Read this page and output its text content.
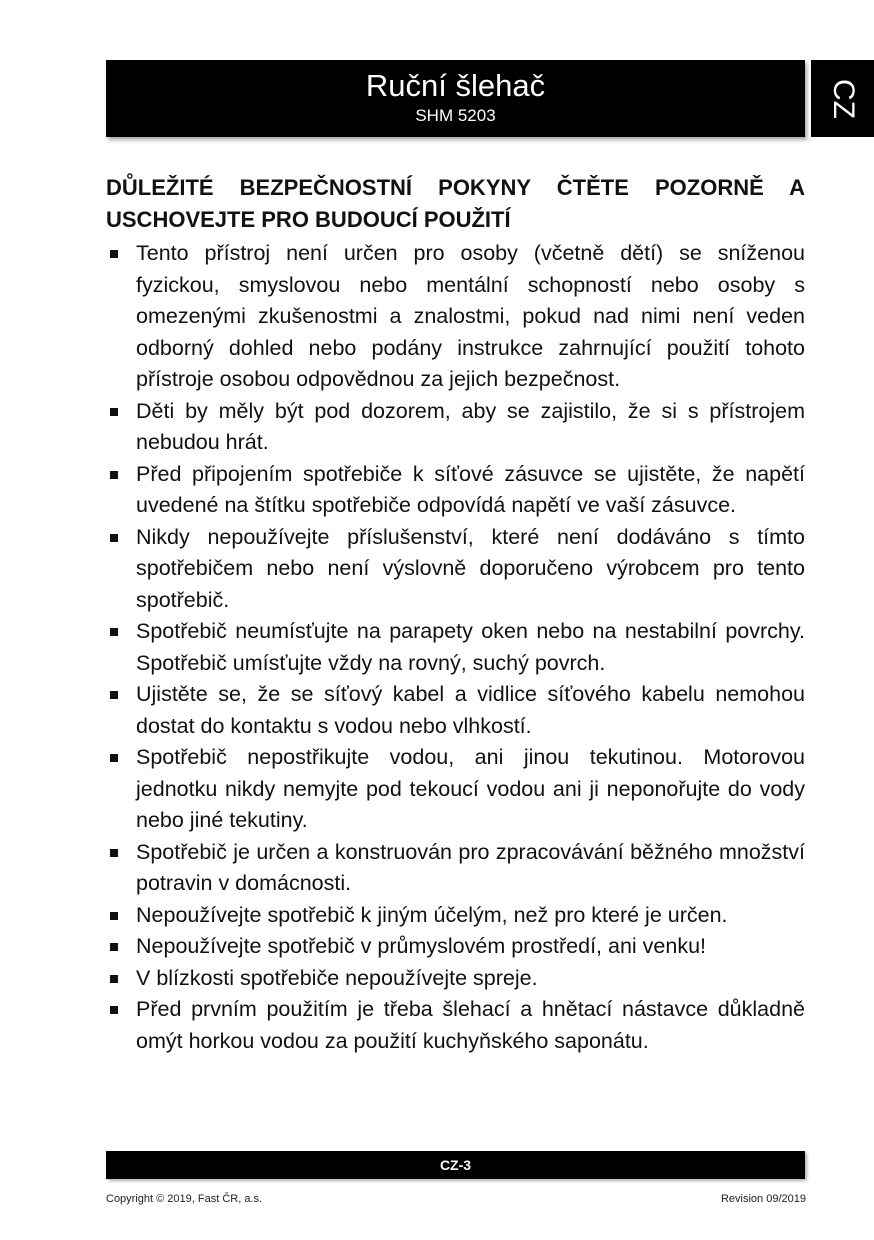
Ruční šlehač
SHM 5203	CZ
DŮLEŽITÉ BEZPEČNOSTNÍ POKYNY ČTĚTE POZORNĚ A USCHOVEJTE PRO BUDOUCÍ POUŽITÍ
Tento přístroj není určen pro osoby (včetně dětí) se sníženou fyzickou, smyslovou nebo mentální schopností nebo osoby s omezenými zkušenostmi a znalostmi, pokud nad nimi není veden odborný dohled nebo podány instrukce zahrnující použití tohoto přístroje osobou odpovědnou za jejich bezpečnost.
Děti by měly být pod dozorem, aby se zajistilo, že si s přístrojem nebudou hrát.
Před připojením spotřebiče k síťové zásuvce se ujistěte, že napětí uvedené na štítku spotřebiče odpovídá napětí ve vaší zásuvce.
Nikdy nepoužívejte příslušenství, které není dodáváno s tímto spotřebičem nebo není výslovně doporučeno výrobcem pro tento spotřebič.
Spotřebič neumísťujte na parapety oken nebo na nestabilní povrchy. Spotřebič umísťujte vždy na rovný, suchý povrch.
Ujistěte se, že se síťový kabel a vidlice síťového kabelu nemohou dostat do kontaktu s vodou nebo vlhkostí.
Spotřebič nepostřikujte vodou, ani jinou tekutinou. Motorovou jednotku nikdy nemyjte pod tekoucí vodou ani ji neponořujte do vody nebo jiné tekutiny.
Spotřebič je určen a konstruován pro zpracovávání běžného množství potravin v domácnosti.
Nepoužívejte spotřebič k jiným účelým, než pro které je určen.
Nepoužívejte spotřebič v průmyslovém prostředí, ani venku!
V blízkosti spotřebiče nepoužívejte spreje.
Před prvním použitím je třeba šlehací a hnětací nástavce důkladně omýt horkou vodou za použití kuchyňského saponátu.
CZ-3
Copyright © 2019, Fast ČR, a.s.	Revision 09/2019
